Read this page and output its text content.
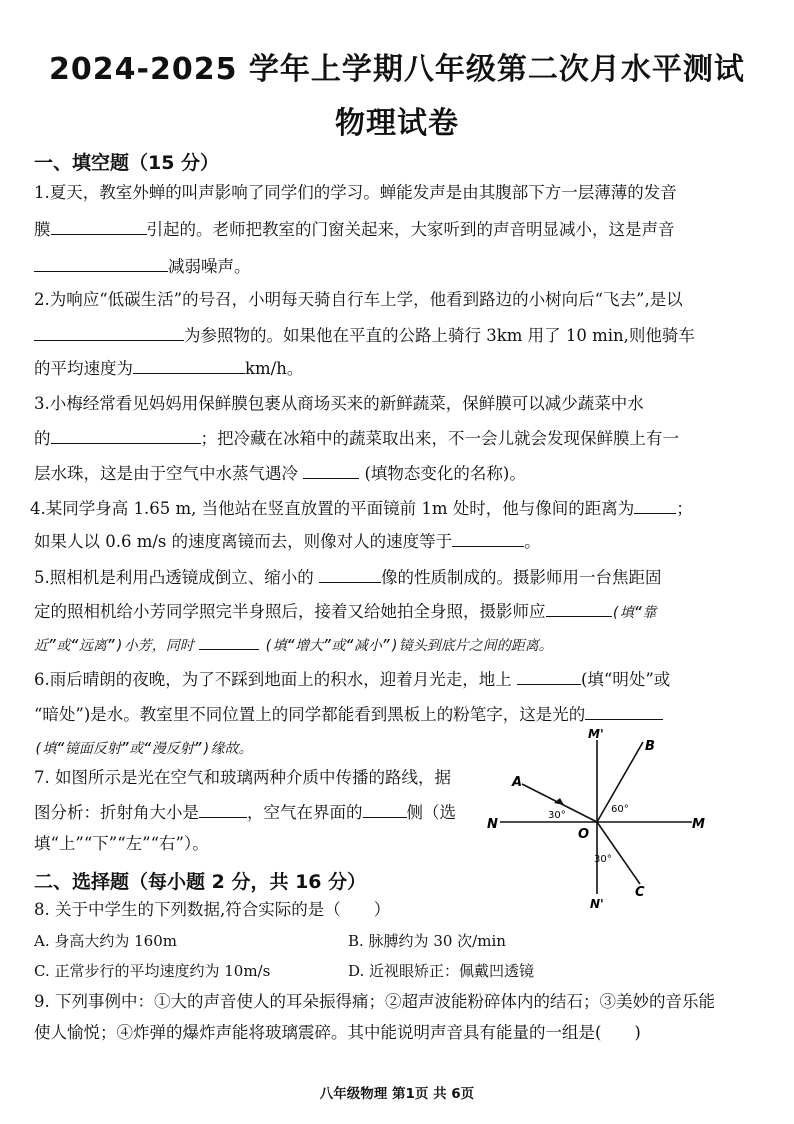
2024-2025 学年上学期八年级第二次月水平测试
物理试卷
一、填空题（15 分）
1.夏天，教室外蝉的叫声影响了同学们的学习。蝉能发声是由其腹部下方一层薄薄的发音
膜	引起的。老师把教室的门窗关起来，大家听到的声音明显减小，这是声音
减弱噪声。
2.为响应“低碳生活”的号召，小明每天骑自行车上学，他看到路边的小树向后“飞去”,是以
为参照物的。如果他在平直的公路上骑行 3km 用了 10 min,则他骑车
的平均速度为	km/h。
3.小梅经常看见妈妈用保鲜膜包裹从商场买来的新鲜蔬菜，保鲜膜可以减少蔬菜中水
的	；把冷藏在冰箱中的蔬菜取出来，不一会儿就会发现保鲜膜上有一
层水珠，这是由于空气中水蒸气遇冷	(填物态变化的名称)。
4.某同学身高 1.65 m, 当他站在竖直放置的平面镜前 1m 处时，他与像间的距离为	；
如果人以 0.6 m/s 的速度离镜而去，则像对人的速度等于	。
5.照相机是利用凸透镜成倒立、缩小的	像的性质制成的。摄影师用一台焦距固
定的照相机给小芳同学照完半身照后，接着又给她拍全身照，摄影师应	(填“靠
近”或“远离”)小芳，同时	(填“增大”或“减小”)镜头到底片之间的距离。
6.雨后晴朗的夜晚，为了不踩到地面上的积水，迎着月光走，地上	(填“明处”或
“暗处”)是水。教室里不同位置上的同学都能看到黑板上的粉笔字，这是光的
(填“镜面反射”或“漫反射”)缘故。
7. 如图所示是光在空气和玻璃两种介质中传播的路线，据
图分析：折射角大小是	，空气在界面的	侧（选
填“上”“下”“左”“右”）。
M'
B
A
N
O
M
C
N'
30°
60°
30°
二、选择题（每小题 2 分，共 16 分）
8. 关于中学生的下列数据,符合实际的是（　　）
A. 身高大约为 160m	B. 脉膊约为 30 次/min
C. 正常步行的平均速度约为 10m/s	D. 近视眼矫正：佩戴凹透镜
9. 下列事例中：①大的声音使人的耳朵振得痛；②超声波能粉碎体内的结石；③美妙的音乐能
使人愉悦；④炸弹的爆炸声能将玻璃震碎。其中能说明声音具有能量的一组是(　　)
八年级物理 第1页 共 6页
